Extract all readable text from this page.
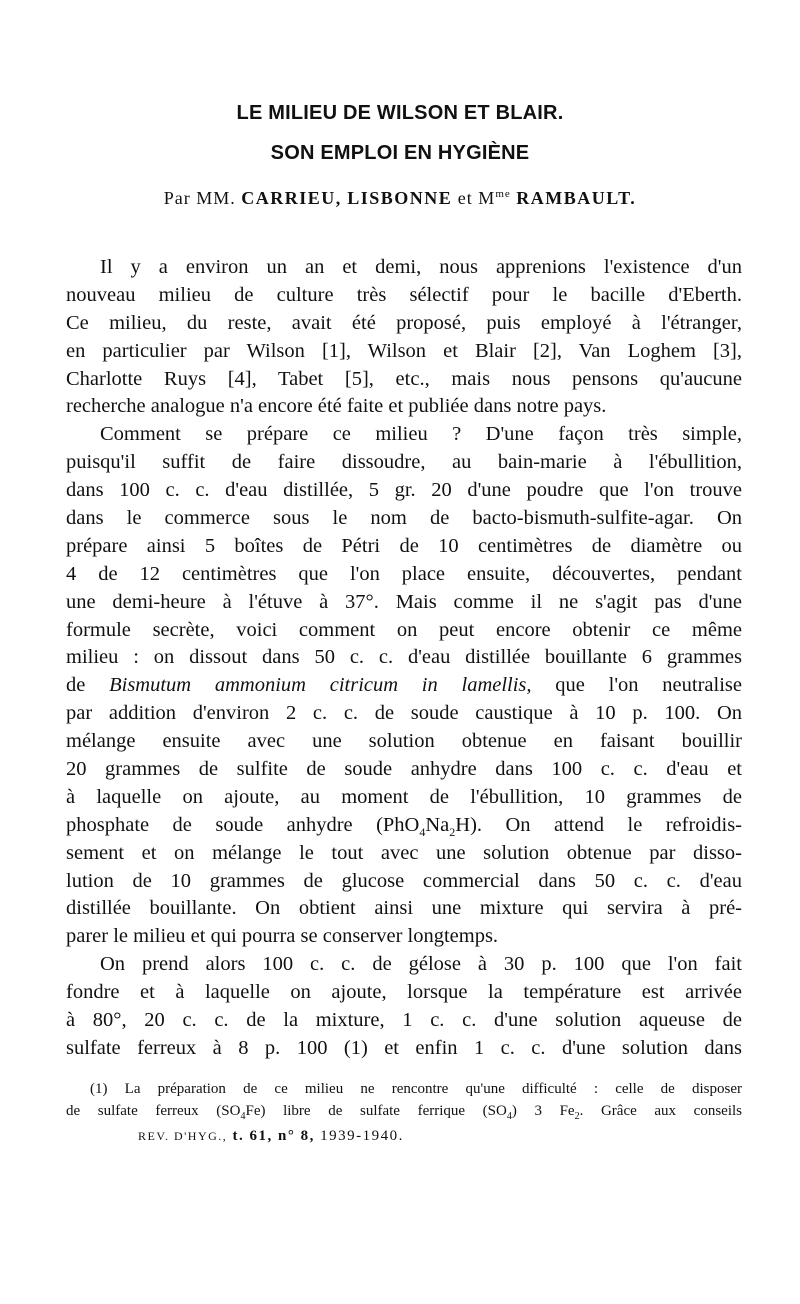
LE MILIEU DE WILSON ET BLAIR.
SON EMPLOI EN HYGIÈNE
Par MM. CARRIEU, LISBONNE et $M^{me}$ RAMBAULT.
Il y a environ un an et demi, nous apprenions l'existence d'un
nouveau milieu de culture très sélectif pour le bacille d'Eberth.
Ce milieu, du reste, avait été proposé, puis employé à l'étranger,
en particulier par Wilson [1], Wilson et Blair [2], Van Loghem [3],
Charlotte Ruys [4], Tabet [5], etc., mais nous pensons qu'aucune
recherche analogue n'a encore été faite et publiée dans notre pays.
Comment se prépare ce milieu ? D'une façon très simple,
puisqu'il suffit de faire dissoudre, au bain-marie à l'ébullition,
dans 100 c. c. d'eau distillée, 5 gr. 20 d'une poudre que l'on trouve
dans le commerce sous le nom de bacto-bismuth-sulfite-agar. On
prépare ainsi 5 boîtes de Pétri de 10 centimètres de diamètre ou
4 de 12 centimètres que l'on place ensuite, découvertes, pendant
une demi-heure à l'étuve à 37°. Mais comme il ne s'agit pas d'une
formule secrète, voici comment on peut encore obtenir ce même
milieu : on dissout dans 50 c. c. d'eau distillée bouillante 6 grammes
de Bismutum ammonium citricum in lamellis, que l'on neutralise
par addition d'environ 2 c. c. de soude caustique à 10 p. 100. On
mélange ensuite avec une solution obtenue en faisant bouillir
20 grammes de sulfite de soude anhydre dans 100 c. c. d'eau et
à laquelle on ajoute, au moment de l'ébullition, 10 grammes de
phosphate de soude anhydre $(PhO_4Na_2H)$. On attend le refroidis-
sement et on mélange le tout avec une solution obtenue par disso-
lution de 10 grammes de glucose commercial dans 50 c. c. d'eau
distillée bouillante. On obtient ainsi une mixture qui servira à pré-
parer le milieu et qui pourra se conserver longtemps.
On prend alors 100 c. c. de gélose à 30 p. 100 que l'on fait
fondre et à laquelle on ajoute, lorsque la température est arrivée
à 80°, 20 c. c. de la mixture, 1 c. c. d'une solution aqueuse de
sulfate ferreux à 8 p. 100 (1) et enfin 1 c. c. d'une solution dans
(1) La préparation de ce milieu ne rencontre qu'une difficulté : celle de disposer
de sulfate ferreux $(SO_4Fe)$ libre de sulfate ferrique $(SO_4)$ 3 $Fe_2$. Grâce aux conseils
REV. D'HYG., t. 61, n° 8, 1939-1940.
